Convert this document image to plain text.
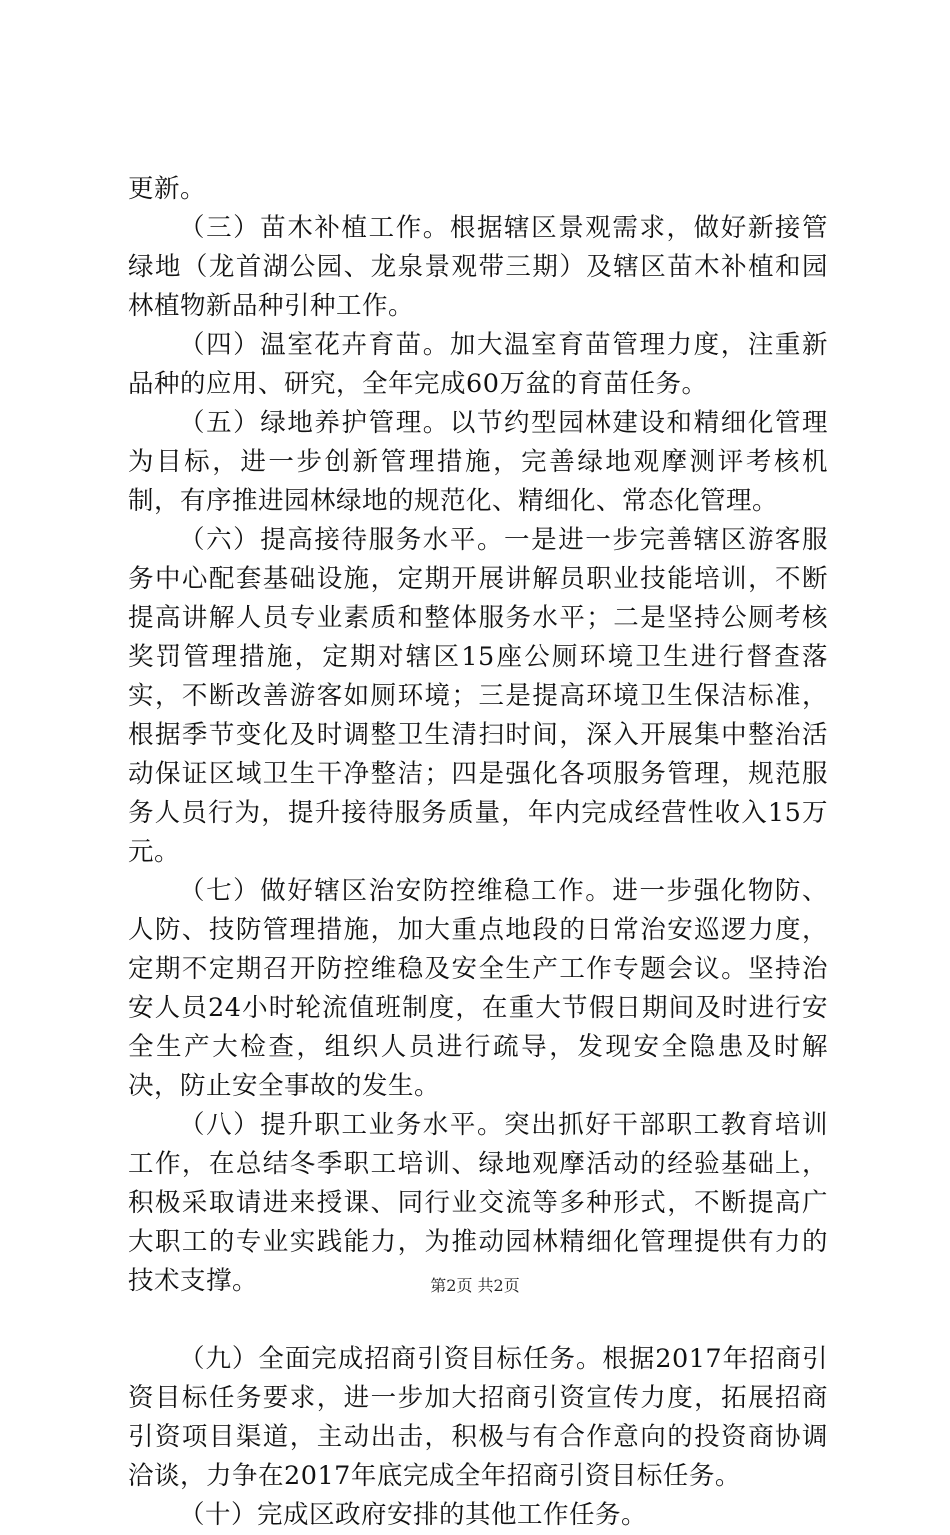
更新。

（三）苗木补植工作。根据辖区景观需求，做好新接管绿地（龙首湖公园、龙泉景观带三期）及辖区苗木补植和园林植物新品种引种工作。

（四）温室花卉育苗。加大温室育苗管理力度，注重新品种的应用、研究，全年完成60万盆的育苗任务。

（五）绿地养护管理。以节约型园林建设和精细化管理为目标，进一步创新管理措施，完善绿地观摩测评考核机制，有序推进园林绿地的规范化、精细化、常态化管理。

（六）提高接待服务水平。一是进一步完善辖区游客服务中心配套基础设施，定期开展讲解员职业技能培训，不断提高讲解人员专业素质和整体服务水平；二是坚持公厕考核奖罚管理措施，定期对辖区15座公厕环境卫生进行督查落实，不断改善游客如厕环境；三是提高环境卫生保洁标准，根据季节变化及时调整卫生清扫时间，深入开展集中整治活动保证区域卫生干净整洁；四是强化各项服务管理，规范服务人员行为，提升接待服务质量，年内完成经营性收入15万元。

（七）做好辖区治安防控维稳工作。进一步强化物防、人防、技防管理措施，加大重点地段的日常治安巡逻力度，定期不定期召开防控维稳及安全生产工作专题会议。坚持治安人员24小时轮流值班制度，在重大节假日期间及时进行安全生产大检查，组织人员进行疏导，发现安全隐患及时解决，防止安全事故的发生。

（八）提升职工业务水平。突出抓好干部职工教育培训工作，在总结冬季职工培训、绿地观摩活动的经验基础上，积极采取请进来授课、同行业交流等多种形式，不断提高广大职工的专业实践能力，为推动园林精细化管理提供有力的技术支撑。

（九）全面完成招商引资目标任务。根据2017年招商引资目标任务要求，进一步加大招商引资宣传力度，拓展招商引资项目渠道，主动出击，积极与有合作意向的投资商协调洽谈，力争在2017年底完成全年招商引资目标任务。

（十）完成区政府安排的其他工作任务。

第2页 共2页
